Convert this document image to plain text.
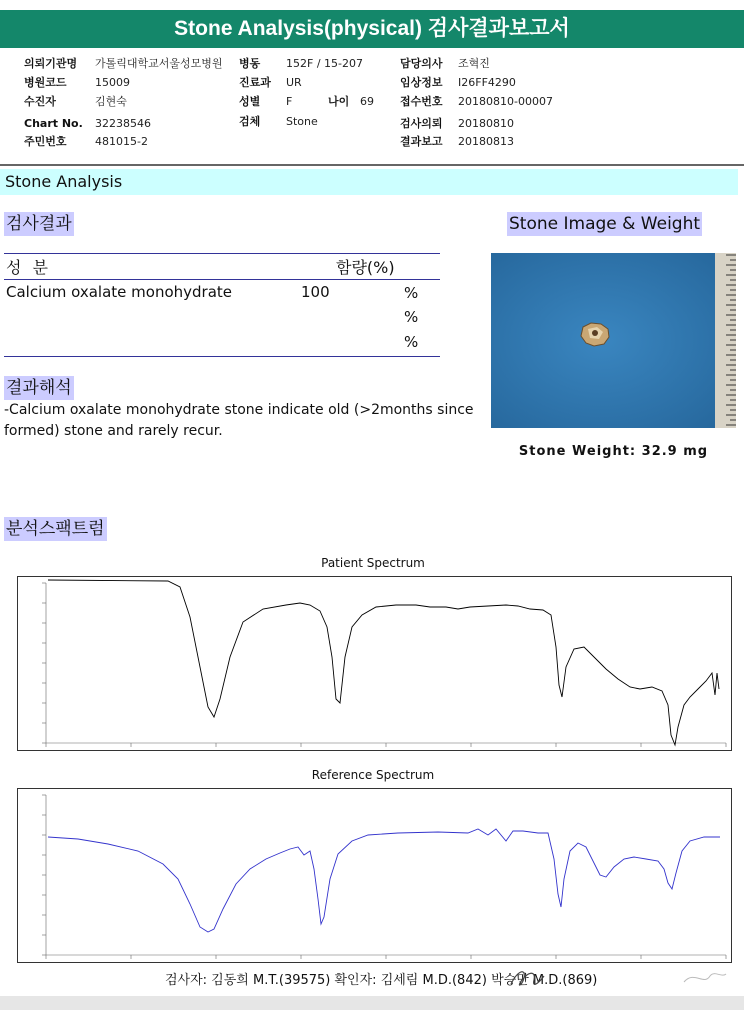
Stone Analysis(physical) 검사결과보고서
의뢰기관명 가톨릭대학교서울성모병원 병동 152F / 15-207	담당의사 조혁진
병원코드	15009	진료과 UR	임상정보 I26FF4290
수진자	김현숙	성별 F	나이 69 접수번호 20180810-00007
Chart No. 32238546	검체 Stone	검사의뢰 20180810
주민번호	481015-2	결과보고 20180813
Stone Analysis
검사결과	Stone Image & Weight
성 분	함량(%)
Calcium oxalate monohydrate	100	%
%
%
결과해석
-Calcium oxalate monohydrate stone indicate old (>2months since formed) stone and rarely recur.
Stone Weight: 32.9 mg
분석스팩트럼
Patient Spectrum
Reference Spectrum
검사자: 김동희 M.T.(39575) 확인자: 김세림 M.D.(842) 박승만 M.D.(869)
